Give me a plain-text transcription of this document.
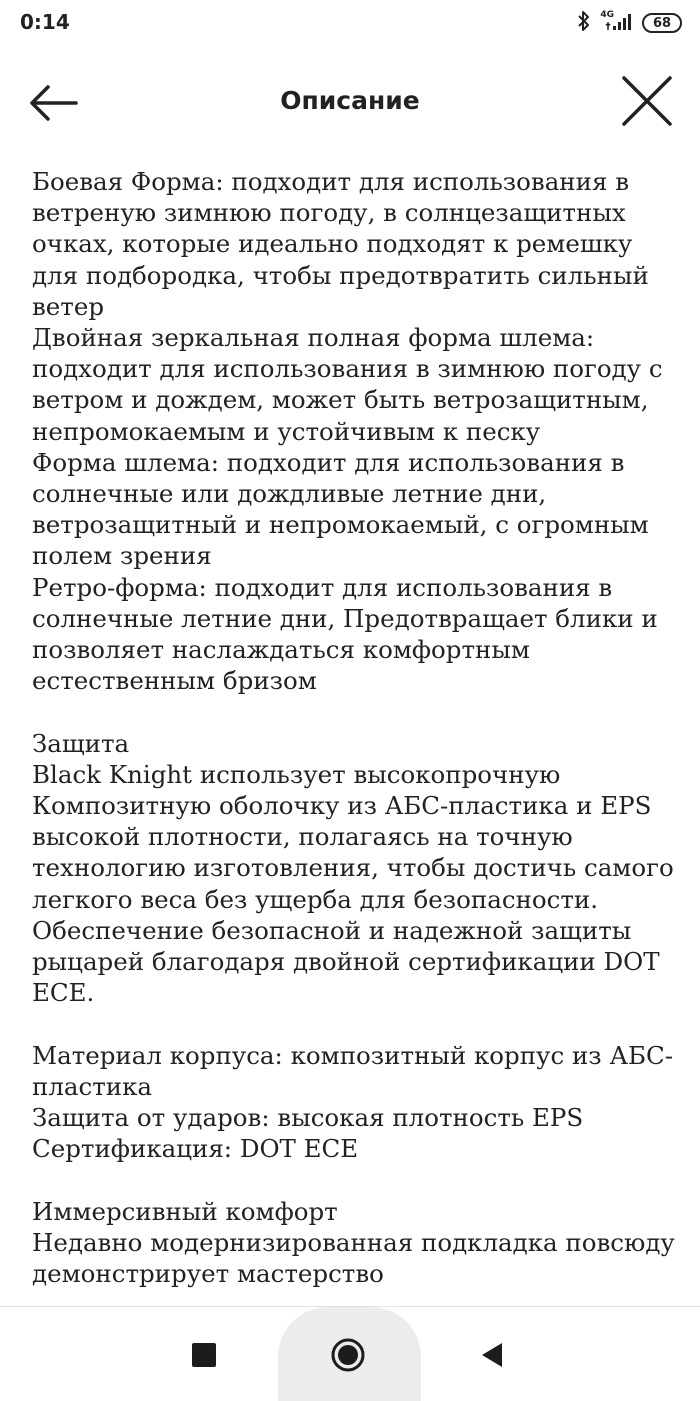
0:14	4G
68
Описание

Боевая Форма: подходит для использования в ветреную зимнюю погоду, в солнцезащитных очках, которые идеально подходят к ремешку для подбородка, чтобы предотвратить сильный ветер
Двойная зеркальная полная форма шлема: подходит для использования в зимнюю погоду с ветром и дождем, может быть ветрозащитным, непромокаемым и устойчивым к песку
Форма шлема: подходит для использования в солнечные или дождливые летние дни, ветрозащитный и непромокаемый, с огромным полем зрения
Ретро-форма: подходит для использования в солнечные летние дни, Предотвращает блики и позволяет наслаждаться комфортным естественным бризом

Защита
Black Knight использует высокопрочную Композитную оболочку из АБС-пластика и EPS высокой плотности, полагаясь на точную технологию изготовления, чтобы достичь самого легкого веса без ущерба для безопасности. Обеспечение безопасной и надежной защиты рыцарей благодаря двойной сертификации DOT ECE.

Материал корпуса: композитный корпус из АБС-пластика
Защита от ударов: высокая плотность EPS
Сертификация: DOT ECE

Иммерсивный комфорт
Недавно модернизированная подкладка повсюду демонстрирует мастерство
